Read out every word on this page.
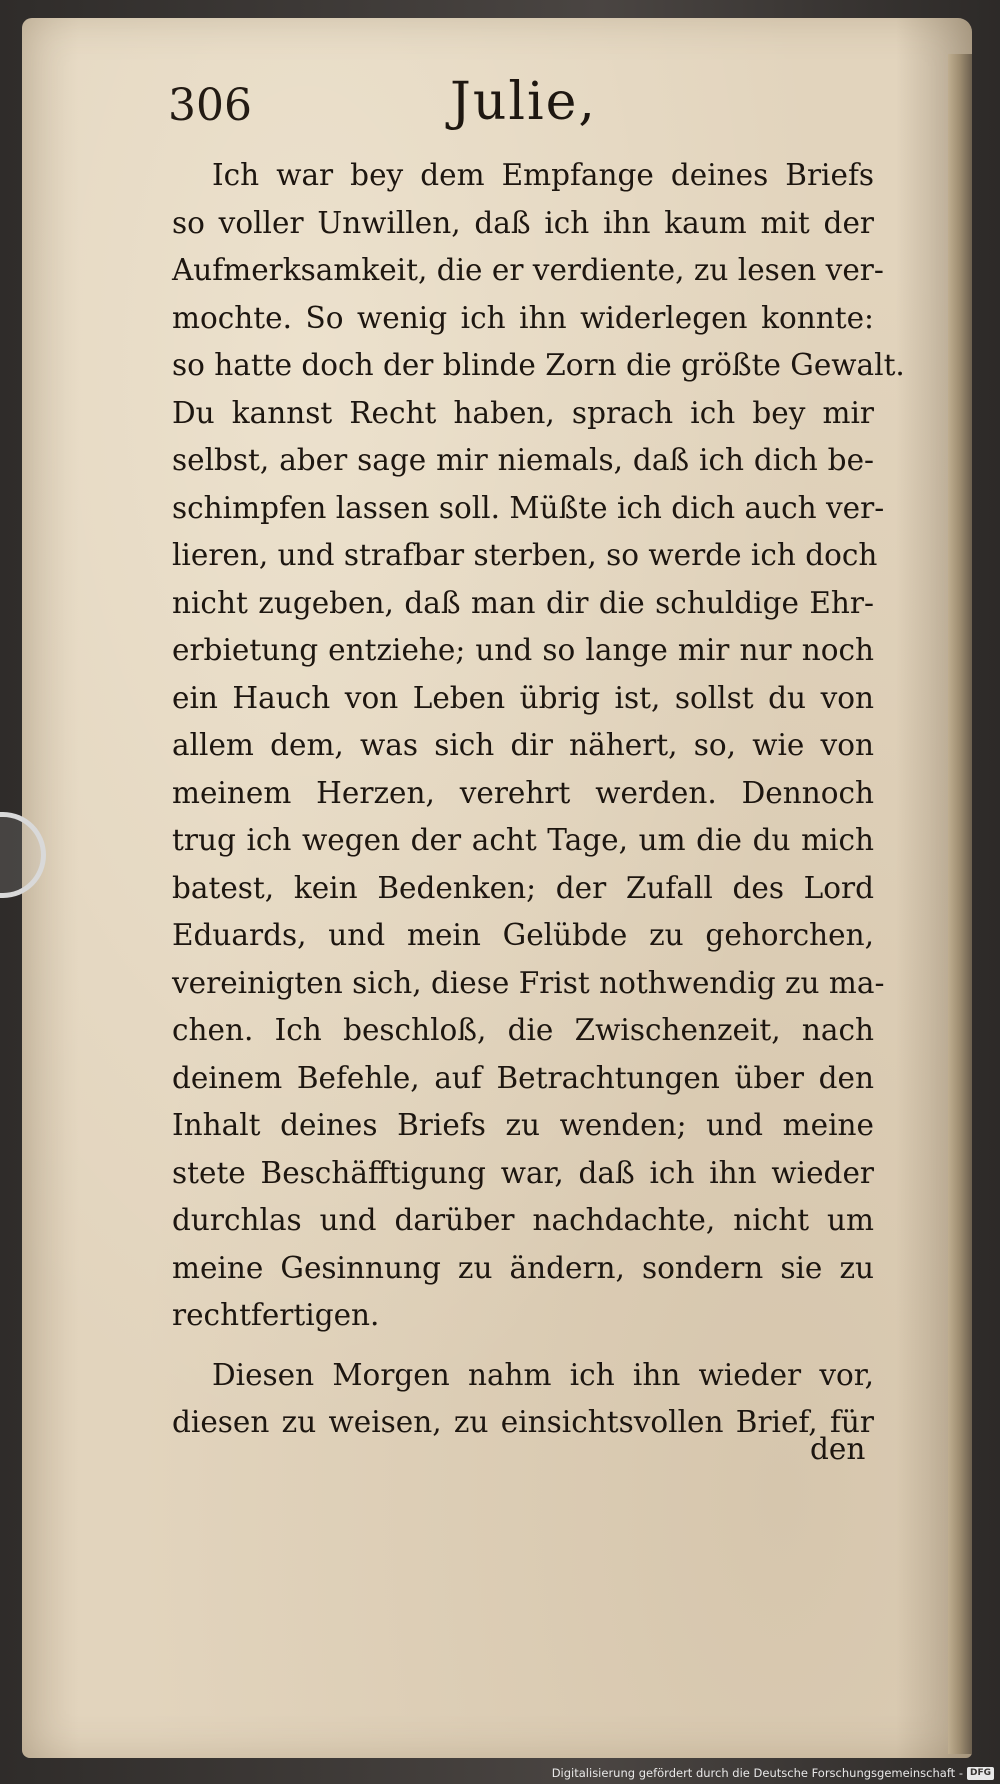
306	Julie,
Ich war bey dem Empfange deines Briefs
so voller Unwillen, daß ich ihn kaum mit der
Aufmerksamkeit, die er verdiente, zu lesen ver-
mochte. So wenig ich ihn widerlegen konnte:
so hatte doch der blinde Zorn die größte Gewalt.
Du kannst Recht haben, sprach ich bey mir
selbst, aber sage mir niemals, daß ich dich be-
schimpfen lassen soll. Müßte ich dich auch ver-
lieren, und strafbar sterben, so werde ich doch
nicht zugeben, daß man dir die schuldige Ehr-
erbietung entziehe; und so lange mir nur noch
ein Hauch von Leben übrig ist, sollst du von
allem dem, was sich dir nähert, so, wie von
meinem Herzen, verehrt werden. Dennoch
trug ich wegen der acht Tage, um die du mich
batest, kein Bedenken; der Zufall des Lord
Eduards, und mein Gelübde zu gehorchen,
vereinigten sich, diese Frist nothwendig zu ma-
chen. Ich beschloß, die Zwischenzeit, nach
deinem Befehle, auf Betrachtungen über den
Inhalt deines Briefs zu wenden; und meine
stete Beschäfftigung war, daß ich ihn wieder
durchlas und darüber nachdachte, nicht um
meine Gesinnung zu ändern, sondern sie zu
rechtfertigen.
Diesen Morgen nahm ich ihn wieder vor,
diesen zu weisen, zu einsichtsvollen Brief, für
den
Digitalisierung gefördert durch die Deutsche Forschungsgemeinschaft - DFG
